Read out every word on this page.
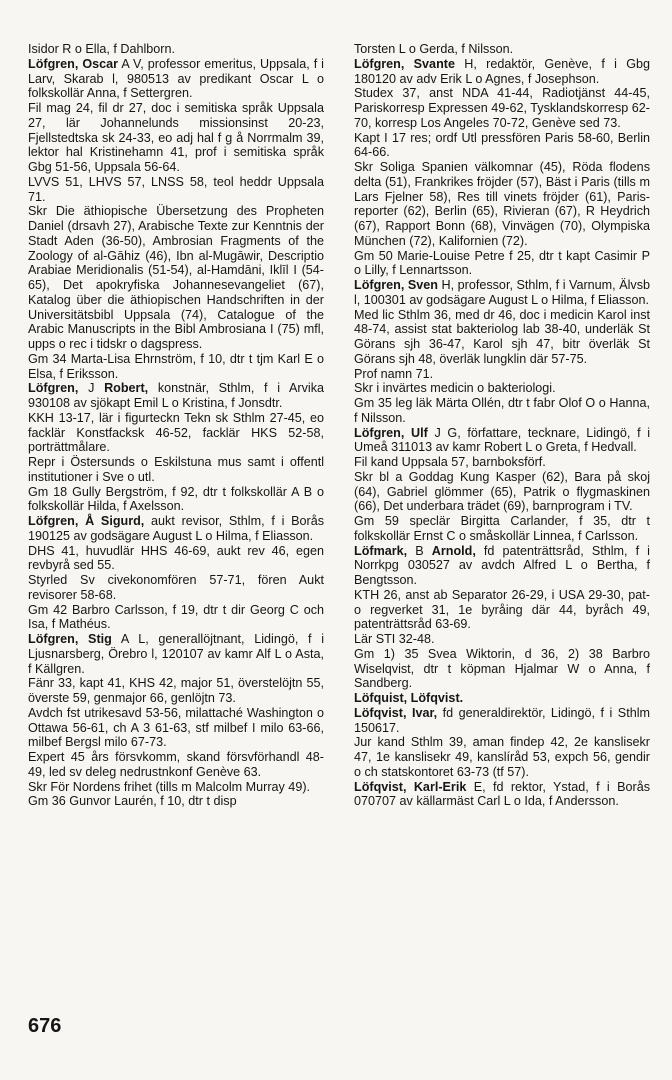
Isidor R o Ella, f Dahlborn.

Löfgren, Oscar A V, professor emeritus, Uppsala, f i Larv, Skarab l, 980513 av predikant Oscar L o folkskollär Anna, f Settergren.

Fil mag 24, fil dr 27, doc i semitiska språk Uppsala 27, lär Johannelunds missionsinst 20-23, Fjellstedtska sk 24-33, eo adj hal f g å Norrmalm 39, lektor hal Kristinehamn 41, prof i semitiska språk Gbg 51-56, Uppsala 56-64.

LVVS 51, LHVS 57, LNSS 58, teol heddr Uppsala 71.

Skr Die äthiopische Übersetzung des Propheten Daniel (drsavh 27), Arabische Texte zur Kenntnis der Stadt Aden (36-50), Ambrosian Fragments of the Zoology of al-Gāhiz (46), Ibn al-Mugāwir, Descriptio Arabiae Meridionalis (51-54), al-Hamdāni, Iklīl I (54-65), Det apokryfiska Johannesevangeliet (67), Katalog über die äthiopischen Handschriften in der Universitätsbibl Uppsala (74), Catalogue of the Arabic Manuscripts in the Bibl Ambrosiana I (75) mfl, upps o rec i tidskr o dagspress.

Gm 34 Marta-Lisa Ehrnström, f 10, dtr t tjm Karl E o Elsa, f Eriksson.

Löfgren, J Robert, konstnär, Sthlm, f i Arvika 930108 av sjökapt Emil L o Kristina, f Jonsdtr.

KKH 13-17, lär i figurteckn Tekn sk Sthlm 27-45, eo facklär Konstfacksk 46-52, facklär HKS 52-58, porträttmålare.

Repr i Östersunds o Eskilstuna mus samt i offentl institutioner i Sve o utl.

Gm 18 Gully Bergström, f 92, dtr t folkskollär A B o folkskollär Hilda, f Axelsson.

Löfgren, Å Sigurd, aukt revisor, Sthlm, f i Borås 190125 av godsägare August L o Hilma, f Eliasson.

DHS 41, huvudlär HHS 46-69, aukt rev 46, egen revbyrå sed 55.

Styrled Sv civekonomfören 57-71, fören Aukt revisorer 58-68.

Gm 42 Barbro Carlsson, f 19, dtr t dir Georg C och Isa, f Mathéus.

Löfgren, Stig A L, generallöjtnant, Lidingö, f i Ljusnarsberg, Örebro l, 120107 av kamr Alf L o Asta, f Källgren.

Fänr 33, kapt 41, KHS 42, major 51, överstelöjtn 55, överste 59, genmajor 66, genlöjtn 73.

Avdch fst utrikesavd 53-56, milattaché Washington o Ottawa 56-61, ch A 3 61-63, stf milbef I milo 63-66, milbef Bergsl milo 67-73.

Expert 45 års försvkomm, skand försvförhandl 48-49, led sv deleg nedrustnkonf Genève 63.

Skr För Nordens frihet (tills m Malcolm Murray 49).

Gm 36 Gunvor Laurén, f 10, dtr t disp

Torsten L o Gerda, f Nilsson.

Löfgren, Svante H, redaktör, Genève, f i Gbg 180120 av adv Erik L o Agnes, f Josephson.

Studex 37, anst NDA 41-44, Radiotjänst 44-45, Pariskorresp Expressen 49-62, Tysklandskorresp 62-70, korresp Los Angeles 70-72, Genève sed 73.

Kapt I 17 res; ordf Utl pressfören Paris 58-60, Berlin 64-66.

Skr Soliga Spanien välkomnar (45), Röda flodens delta (51), Frankrikes fröjder (57), Bäst i Paris (tills m Lars Fjelner 58), Res till vinets fröjder (61), Paris-reporter (62), Berlin (65), Rivieran (67), R Heydrich (67), Rapport Bonn (68), Vinvägen (70), Olympiska München (72), Kalifornien (72).

Gm 50 Marie-Louise Petre f 25, dtr t kapt Casimir P o Lilly, f Lennartsson.

Löfgren, Sven H, professor, Sthlm, f i Varnum, Älvsb l, 100301 av godsägare August L o Hilma, f Eliasson.

Med lic Sthlm 36, med dr 46, doc i medicin Karol inst 48-74, assist stat bakteriolog lab 38-40, underläk St Görans sjh 36-47, Karol sjh 47, bitr överläk St Görans sjh 48, överläk lungklin där 57-75.

Prof namn 71.

Skr i invärtes medicin o bakteriologi.

Gm 35 leg läk Märta Ollén, dtr t fabr Olof O o Hanna, f Nilsson.

Löfgren, Ulf J G, författare, tecknare, Lidingö, f i Umeå 311013 av kamr Robert L o Greta, f Hedvall.

Fil kand Uppsala 57, barnboksförf.

Skr bl a Goddag Kung Kasper (62), Bara på skoj (64), Gabriel glömmer (65), Patrik o flygmaskinen (66), Det underbara trädet (69), barnprogram i TV.

Gm 59 speclär Birgitta Carlander, f 35, dtr t folkskollär Ernst C o småskollär Linnea, f Carlsson.

Löfmark, B Arnold, fd patenträttsråd, Sthlm, f i Norrkpg 030527 av avdch Alfred L o Bertha, f Bengtsson.

KTH 26, anst ab Separator 26-29, i USA 29-30, pat- o regverket 31, 1e byråing där 44, byråch 49, patenträttsråd 63-69.

Lär STI 32-48.

Gm 1) 35 Svea Wiktorin, d 36, 2) 38 Barbro Wiselqvist, dtr t köpman Hjalmar W o Anna, f Sandberg.

Löfquist, Löfqvist.

Löfqvist, Ivar, fd generaldirektör, Lidingö, f i Sthlm 150617.

Jur kand Sthlm 39, aman findep 42, 2e kanslisekr 47, 1e kanslisekr 49, kanslíråd 53, expch 56, gendir o ch statskontoret 63-73 (tf 57).

Löfqvist, Karl-Erik E, fd rektor, Ystad, f i Borås 070707 av källarmäst Carl L o Ida, f Andersson.

676
